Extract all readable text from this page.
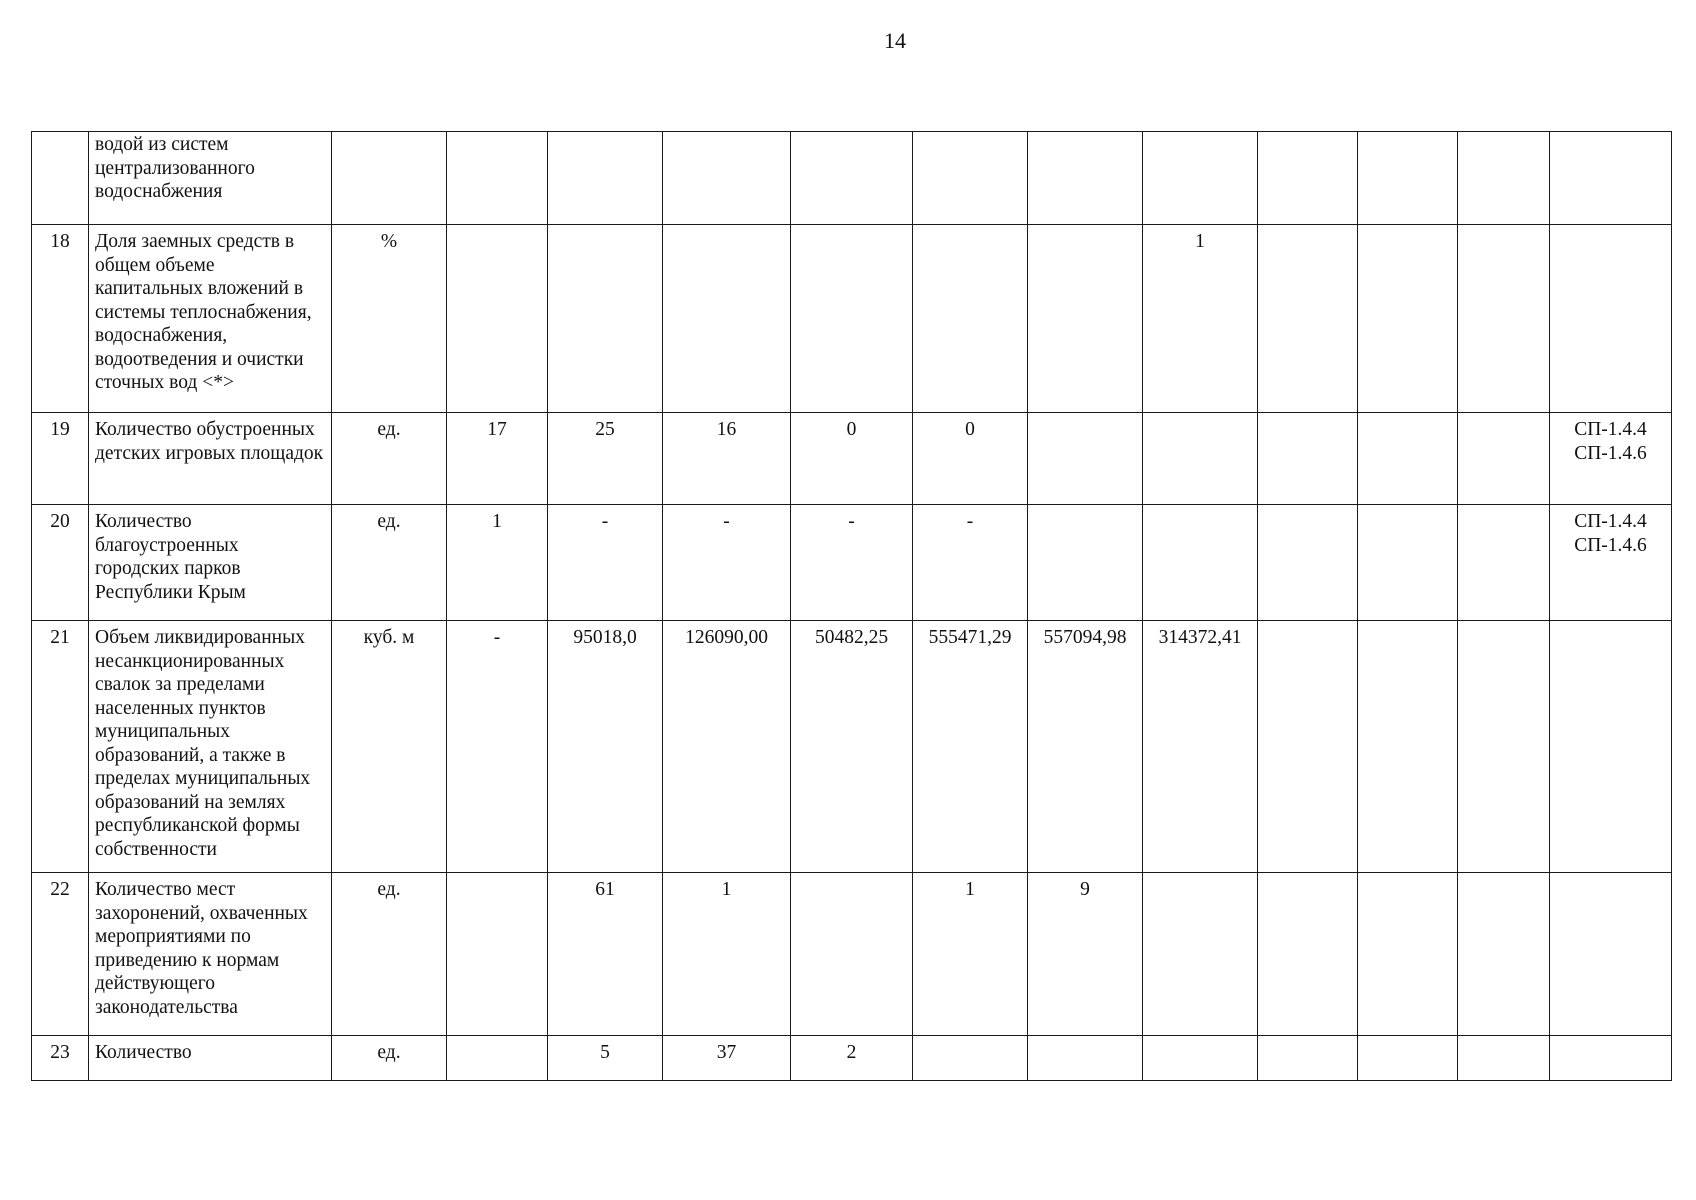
14
	водой из систем централизованного водоснабжения												
18	Доля заемных средств в общем объеме капитальных вложений в системы теплоснабжения, водоснабжения, водоотведения и очистки сточных вод <*>	%							1				
19	Количество обустроенных детских игровых площадок	ед.	17	25	16	0	0						СП-1.4.4
СП-1.4.6

20	Количество благоустроенных городских парков Республики Крым	ед.	1	-	-	-	-						СП-1.4.4
СП-1.4.6

21	Объем ликвидированных несанкционированных свалок за пределами населенных пунктов муниципальных образований, а также в пределах муниципальных образований на землях республиканской формы собственности	куб. м	-	95018,0	126090,00	50482,25	555471,29	557094,98	314372,41				
22	Количество мест захоронений, охваченных мероприятиями по приведению к нормам действующего законодательства	ед.		61	1		1	9					
23	Количество	ед.		5	37	2							
